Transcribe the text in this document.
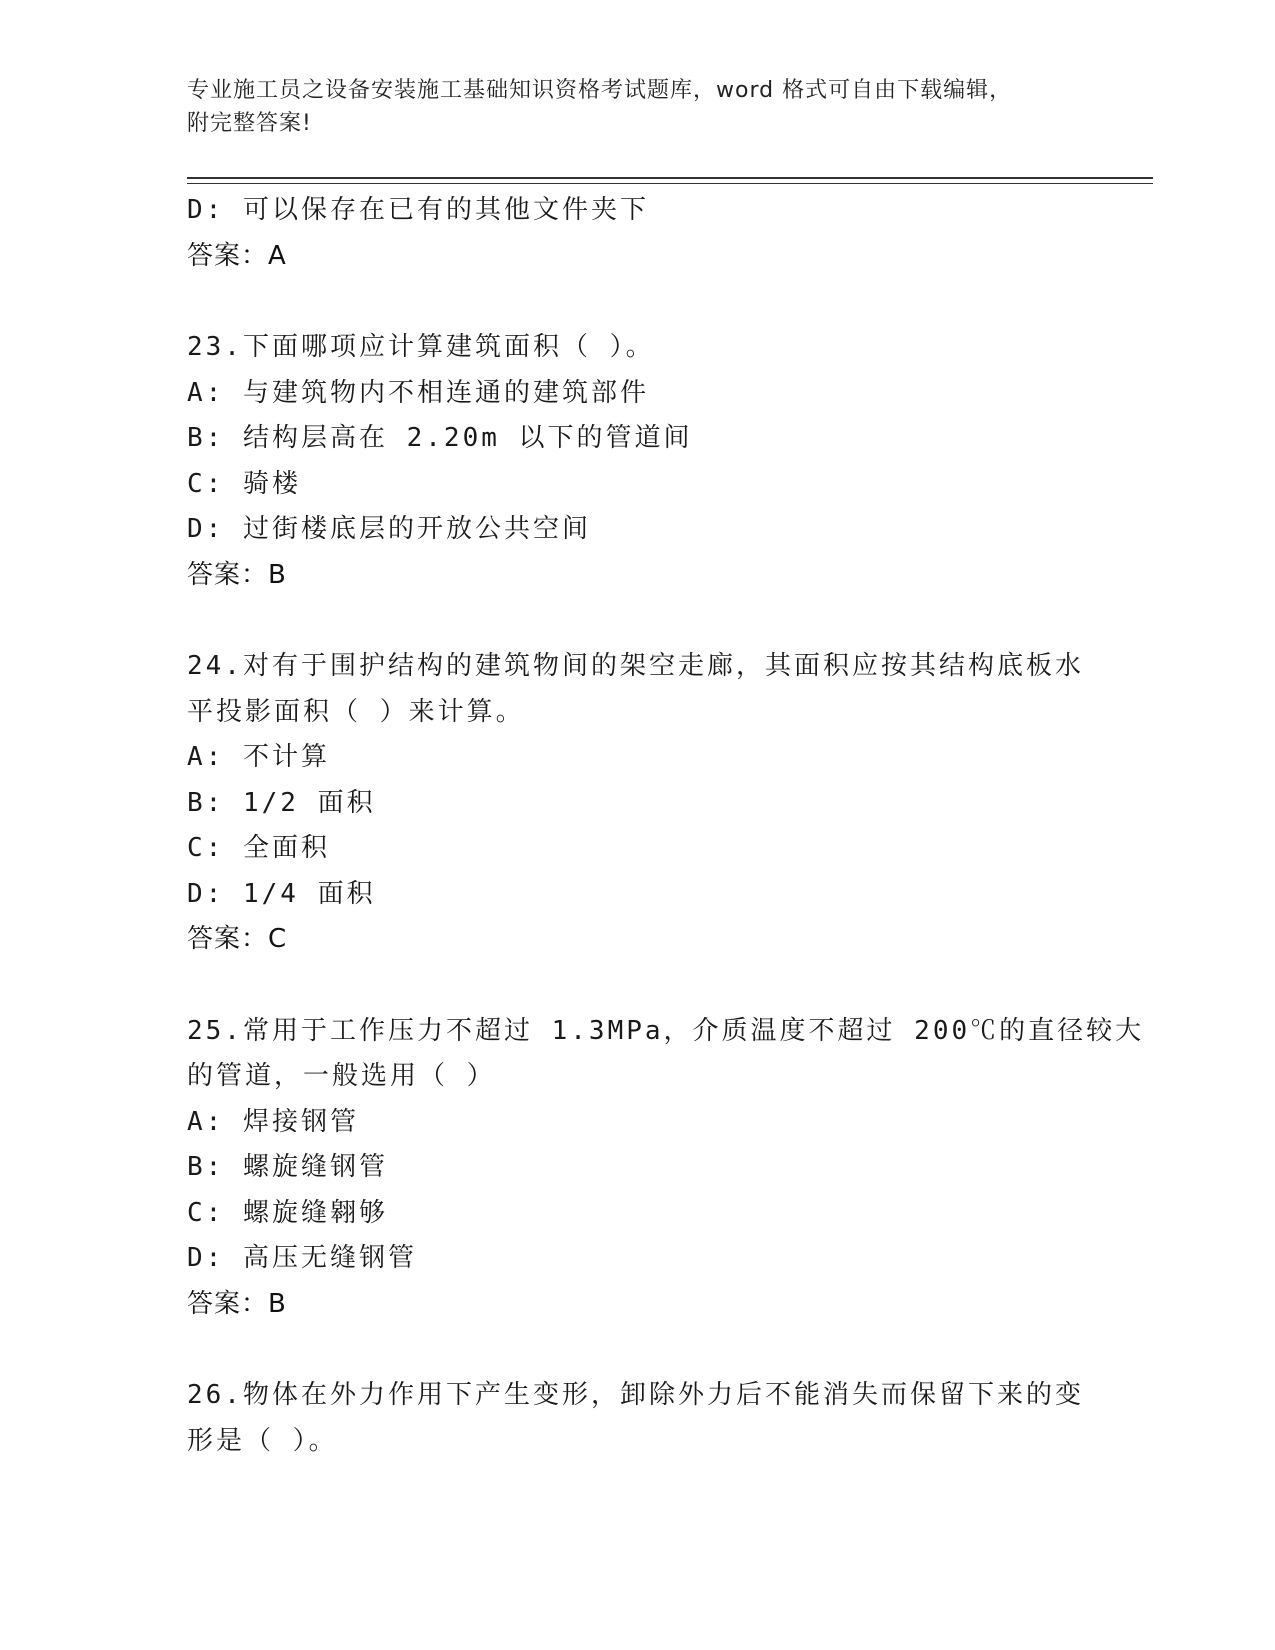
专业施工员之设备安装施工基础知识资格考试题库，word 格式可自由下载编辑，
附完整答案!
D: 可以保存在已有的其他文件夹下
答案：A
23.下面哪项应计算建筑面积（ ）。
A: 与建筑物内不相连通的建筑部件
B: 结构层高在 2.20m 以下的管道间
C: 骑楼
D: 过街楼底层的开放公共空间
答案：B
24.对有于围护结构的建筑物间的架空走廊，其面积应按其结构底板水
平投影面积（ ）来计算。
A: 不计算
B: 1/2 面积
C: 全面积
D: 1/4 面积
答案：C
25.常用于工作压力不超过 1.3MPa，介质温度不超过 200℃的直径较大
的管道，一般选用（ ）
A: 焊接钢管
B: 螺旋缝钢管
C: 螺旋缝翱够
D: 高压无缝钢管
答案：B
26.物体在外力作用下产生变形，卸除外力后不能消失而保留下来的变
形是（ ）。
